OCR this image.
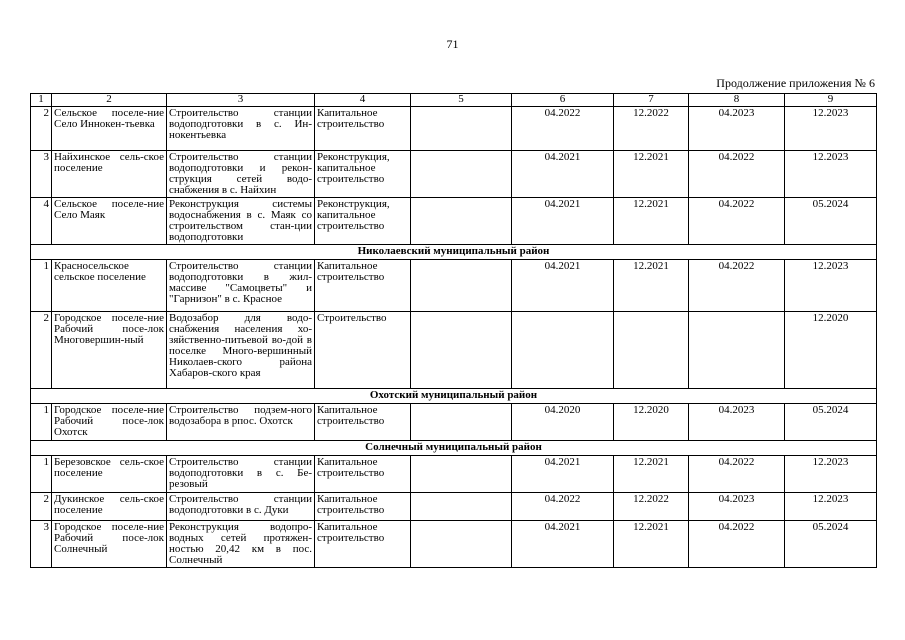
71
Продолжение приложения № 6
1	2	3	4	5	6	7	8	9
2	Сельское поселе-ние Село Иннокен-тьевка	Строительство станции водоподготовки в с. Ин-нокентьевка	Капитальное строительство		04.2022	12.2022	04.2023	12.2023
3	Найхинское сель-ское поселение	Строительство станции водоподготовки и рекон-струкция сетей водо-снабжения в с. Найхин	Реконструкция, капитальное строительство		04.2021	12.2021	04.2022	12.2023
4	Сельское поселе-ние Село Маяк	Реконструкция системы водоснабжения в с. Маяк со строительством стан-ции водоподготовки	Реконструкция, капитальное строительство		04.2021	12.2021	04.2022	05.2024
Николаевский муниципальный район								
1	Красносельское сельское поселение	Строительство станции водоподготовки в жил-массиве "Самоцветы" и "Гарнизон" в с. Красное	Капитальное строительство		04.2021	12.2021	04.2022	12.2023
2	Городское поселе-ние Рабочий посе-лок Многовершин-ный	Водозабор для водо-снабжения населения хо-зяйственно-питьевой во-дой в поселке Много-вершинный Николаев-ского района Хабаров-ского края	Строительство					12.2020
Охотский муниципальный район								
1	Городское поселе-ние Рабочий посе-лок Охотск	Строительство подзем-ного водозабора в рпос. Охотск	Капитальное строительство		04.2020	12.2020	04.2023	05.2024
Солнечный муниципальный район								
1	Березовское сель-ское поселение	Строительство станции водоподготовки в с. Бе-резовый	Капитальное строительство		04.2021	12.2021	04.2022	12.2023
2	Дукинское сель-ское поселение	Строительство станции водоподготовки в с. Дуки	Капитальное строительство		04.2022	12.2022	04.2023	12.2023
3	Городское поселе-ние Рабочий посе-лок Солнечный	Реконструкция водопро-водных сетей протяжен-ностью 20,42 км в пос. Солнечный	Капитальное строительство		04.2021	12.2021	04.2022	05.2024
